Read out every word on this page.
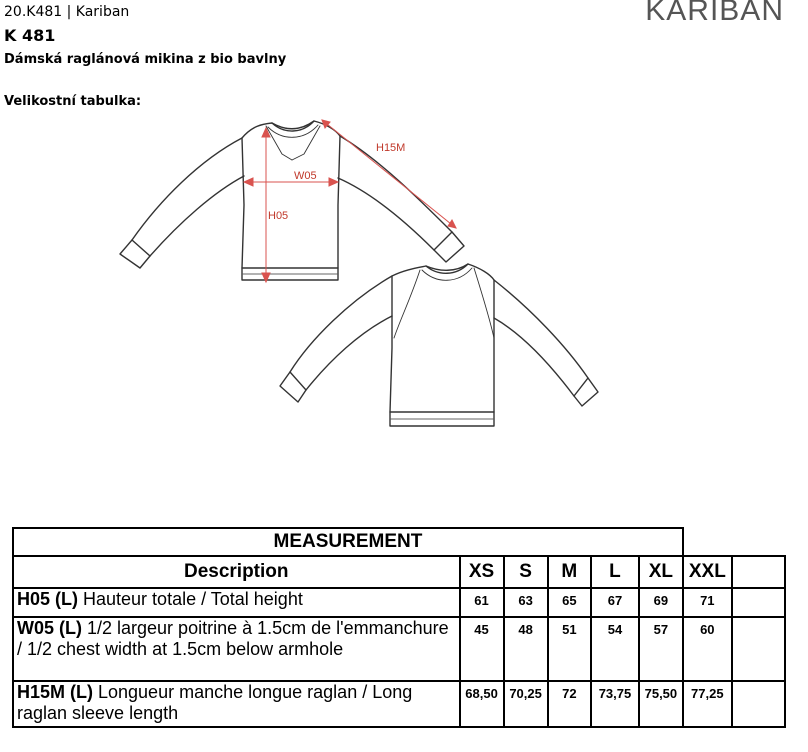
20.K481 | Kariban
K 481
Dámská raglánová mikina z bio bavlny
Velikostní tabulka:
KARIBAN
H15M
W05
H05
MEASUREMENT							
Description	XS	S	M	L	XL	XXL	
H05 (L) Hauteur totale / Total height	61	63	65	67	69	71	
W05 (L) 1/2 largeur poitrine à 1.5cm de l'emmanchure / 1/2 chest width at 1.5cm below armhole	45	48	51	54	57	60	
H15M (L) Longueur manche longue raglan / Long raglan sleeve length	68,50	70,25	72	73,75	75,50	77,25	
